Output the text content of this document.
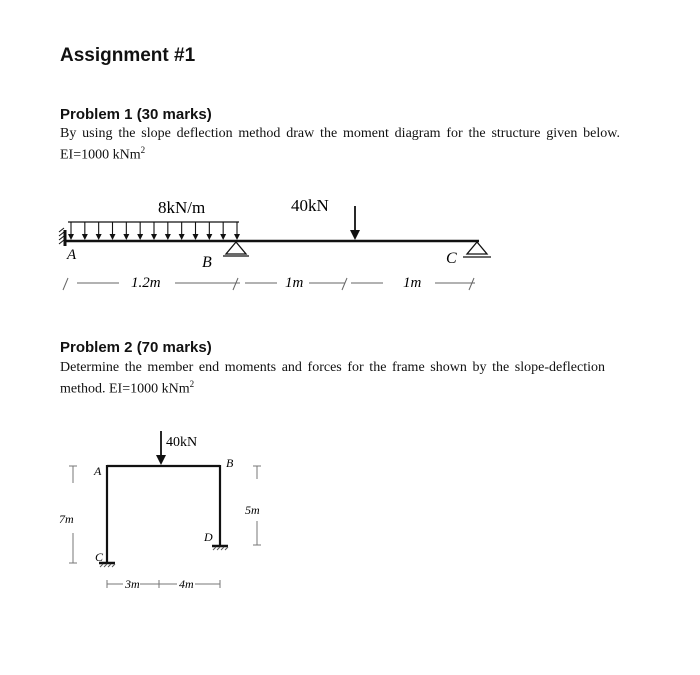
Assignment #1
Problem 1 (30 marks)
By using the slope deflection method draw the moment diagram for the structure given below. EI=1000 kNm$^2$
8kN/m	40kN
A	B	C
1.2m	1m	1m
Problem 2 (70 marks)
Determine the member end moments and forces for the frame shown by the slope-deflection method. EI=1000 kNm$^2$
40kN
A
B
C
D
7m
5m
3m	4m
